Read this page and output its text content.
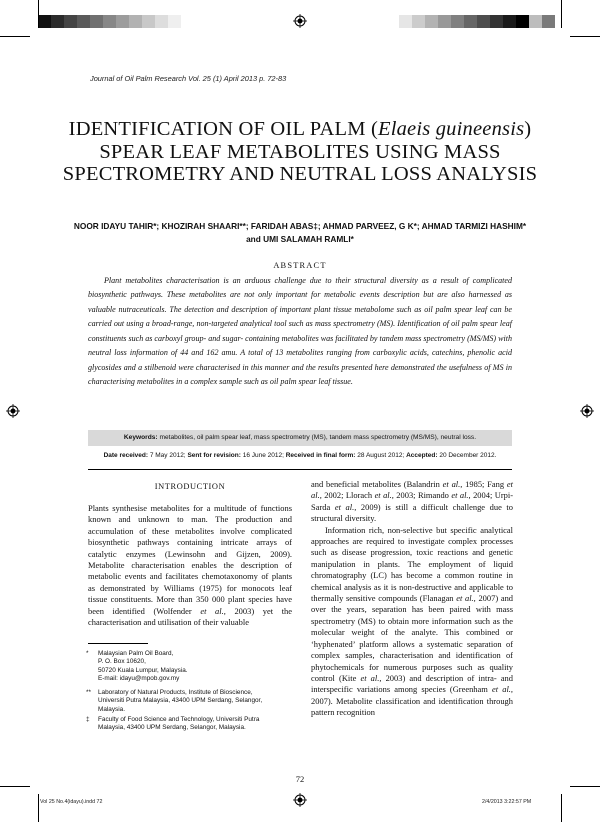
Journal of Oil Palm Research Vol. 25 (1) April 2013 p. 72-83
IDENTIFICATION OF OIL PALM (Elaeis guineensis) SPEAR LEAF METABOLITES USING MASS SPECTROMETRY AND NEUTRAL LOSS ANALYSIS
NOOR IDAYU TAHIR*; KHOZIRAH SHAARI**; FARIDAH ABAS‡; AHMAD PARVEEZ, G K*; AHMAD TARMIZI HASHIM* and UMI SALAMAH RAMLI*
ABSTRACT
Plant metabolites characterisation is an arduous challenge due to their structural diversity as a result of complicated biosynthetic pathways. These metabolites are not only important for metabolic events description but are also harnessed as valuable nutraceuticals. The detection and description of important plant tissue metabolome such as oil palm spear leaf can be carried out using a broad-range, non-targeted analytical tool such as mass spectrometry (MS). Identification of oil palm spear leaf constituents such as carboxyl group- and sugar- containing metabolites was facilitated by tandem mass spectrometry (MS/MS) with neutral loss information of 44 and 162 amu. A total of 13 metabolites ranging from carboxylic acids, catechins, phenolic acid glycosides and a stilbenoid were characterised in this manner and the results presented here demonstrated the usefulness of MS in characterising metabolites in a complex sample such as oil palm spear leaf tissue.
Keywords: metabolites, oil palm spear leaf, mass spectrometry (MS), tandem mass spectrometry (MS/MS), neutral loss.
Date received: 7 May 2012; Sent for revision: 16 June 2012; Received in final form: 28 August 2012; Accepted: 20 December 2012.
INTRODUCTION

Plants synthesise metabolites for a multitude of functions known and unknown to man. The production and accumulation of these metabolites involve complicated biosynthetic pathways containing intricate arrays of catalytic enzymes (Lewinsohn and Gijzen, 2009). Metabolite characterisation enables the description of metabolic events and facilitates chemotaxonomy of plants as demonstrated by Williams (1975) for monocots leaf tissue constituents. More than 350 000 plant species have been identified (Wolfender et al., 2003) yet the characterisation and utilisation of their valuable

* Malaysian Palm Oil Board,
P. O. Box 10620,
50720 Kuala Lumpur, Malaysia.
E-mail: idayu@mpob.gov.my
** Laboratory of Natural Products, Institute of Bioscience,
Universiti Putra Malaysia, 43400 UPM Serdang, Selangor,
Malaysia.
‡ Faculty of Food Science and Technology, Universiti Putra
Malaysia, 43400 UPM Serdang, Selangor, Malaysia.

and beneficial metabolites (Balandrin et al., 1985; Fang et al., 2002; Llorach et al., 2003; Rimando et al., 2004; Urpi-Sarda et al., 2009) is still a difficult challenge due to structural diversity.

Information rich, non-selective but specific analytical approaches are required to investigate complex processes such as disease progression, toxic reactions and genetic manipulation in plants. The employment of liquid chromatography (LC) has become a common routine in chemical analysis as it is non-destructive and applicable to thermally sensitive compounds (Flanagan et al., 2007) and over the years, separation has been paired with mass spectrometry (MS) to obtain more information such as the molecular weight of the analyte. This combined or ‘hyphenated’ platform allows a systematic separation of complex samples, characterisation and identification of phytochemicals for numerous purposes such as quality control (Kite et al., 2003) and description of intra- and interspecific variations among species (Greenham et al., 2007). Metabolite classification and identification through pattern recognition

72
Vol 25 No.4(idayu).indd 72	2/4/2013 3:22:57 PM
